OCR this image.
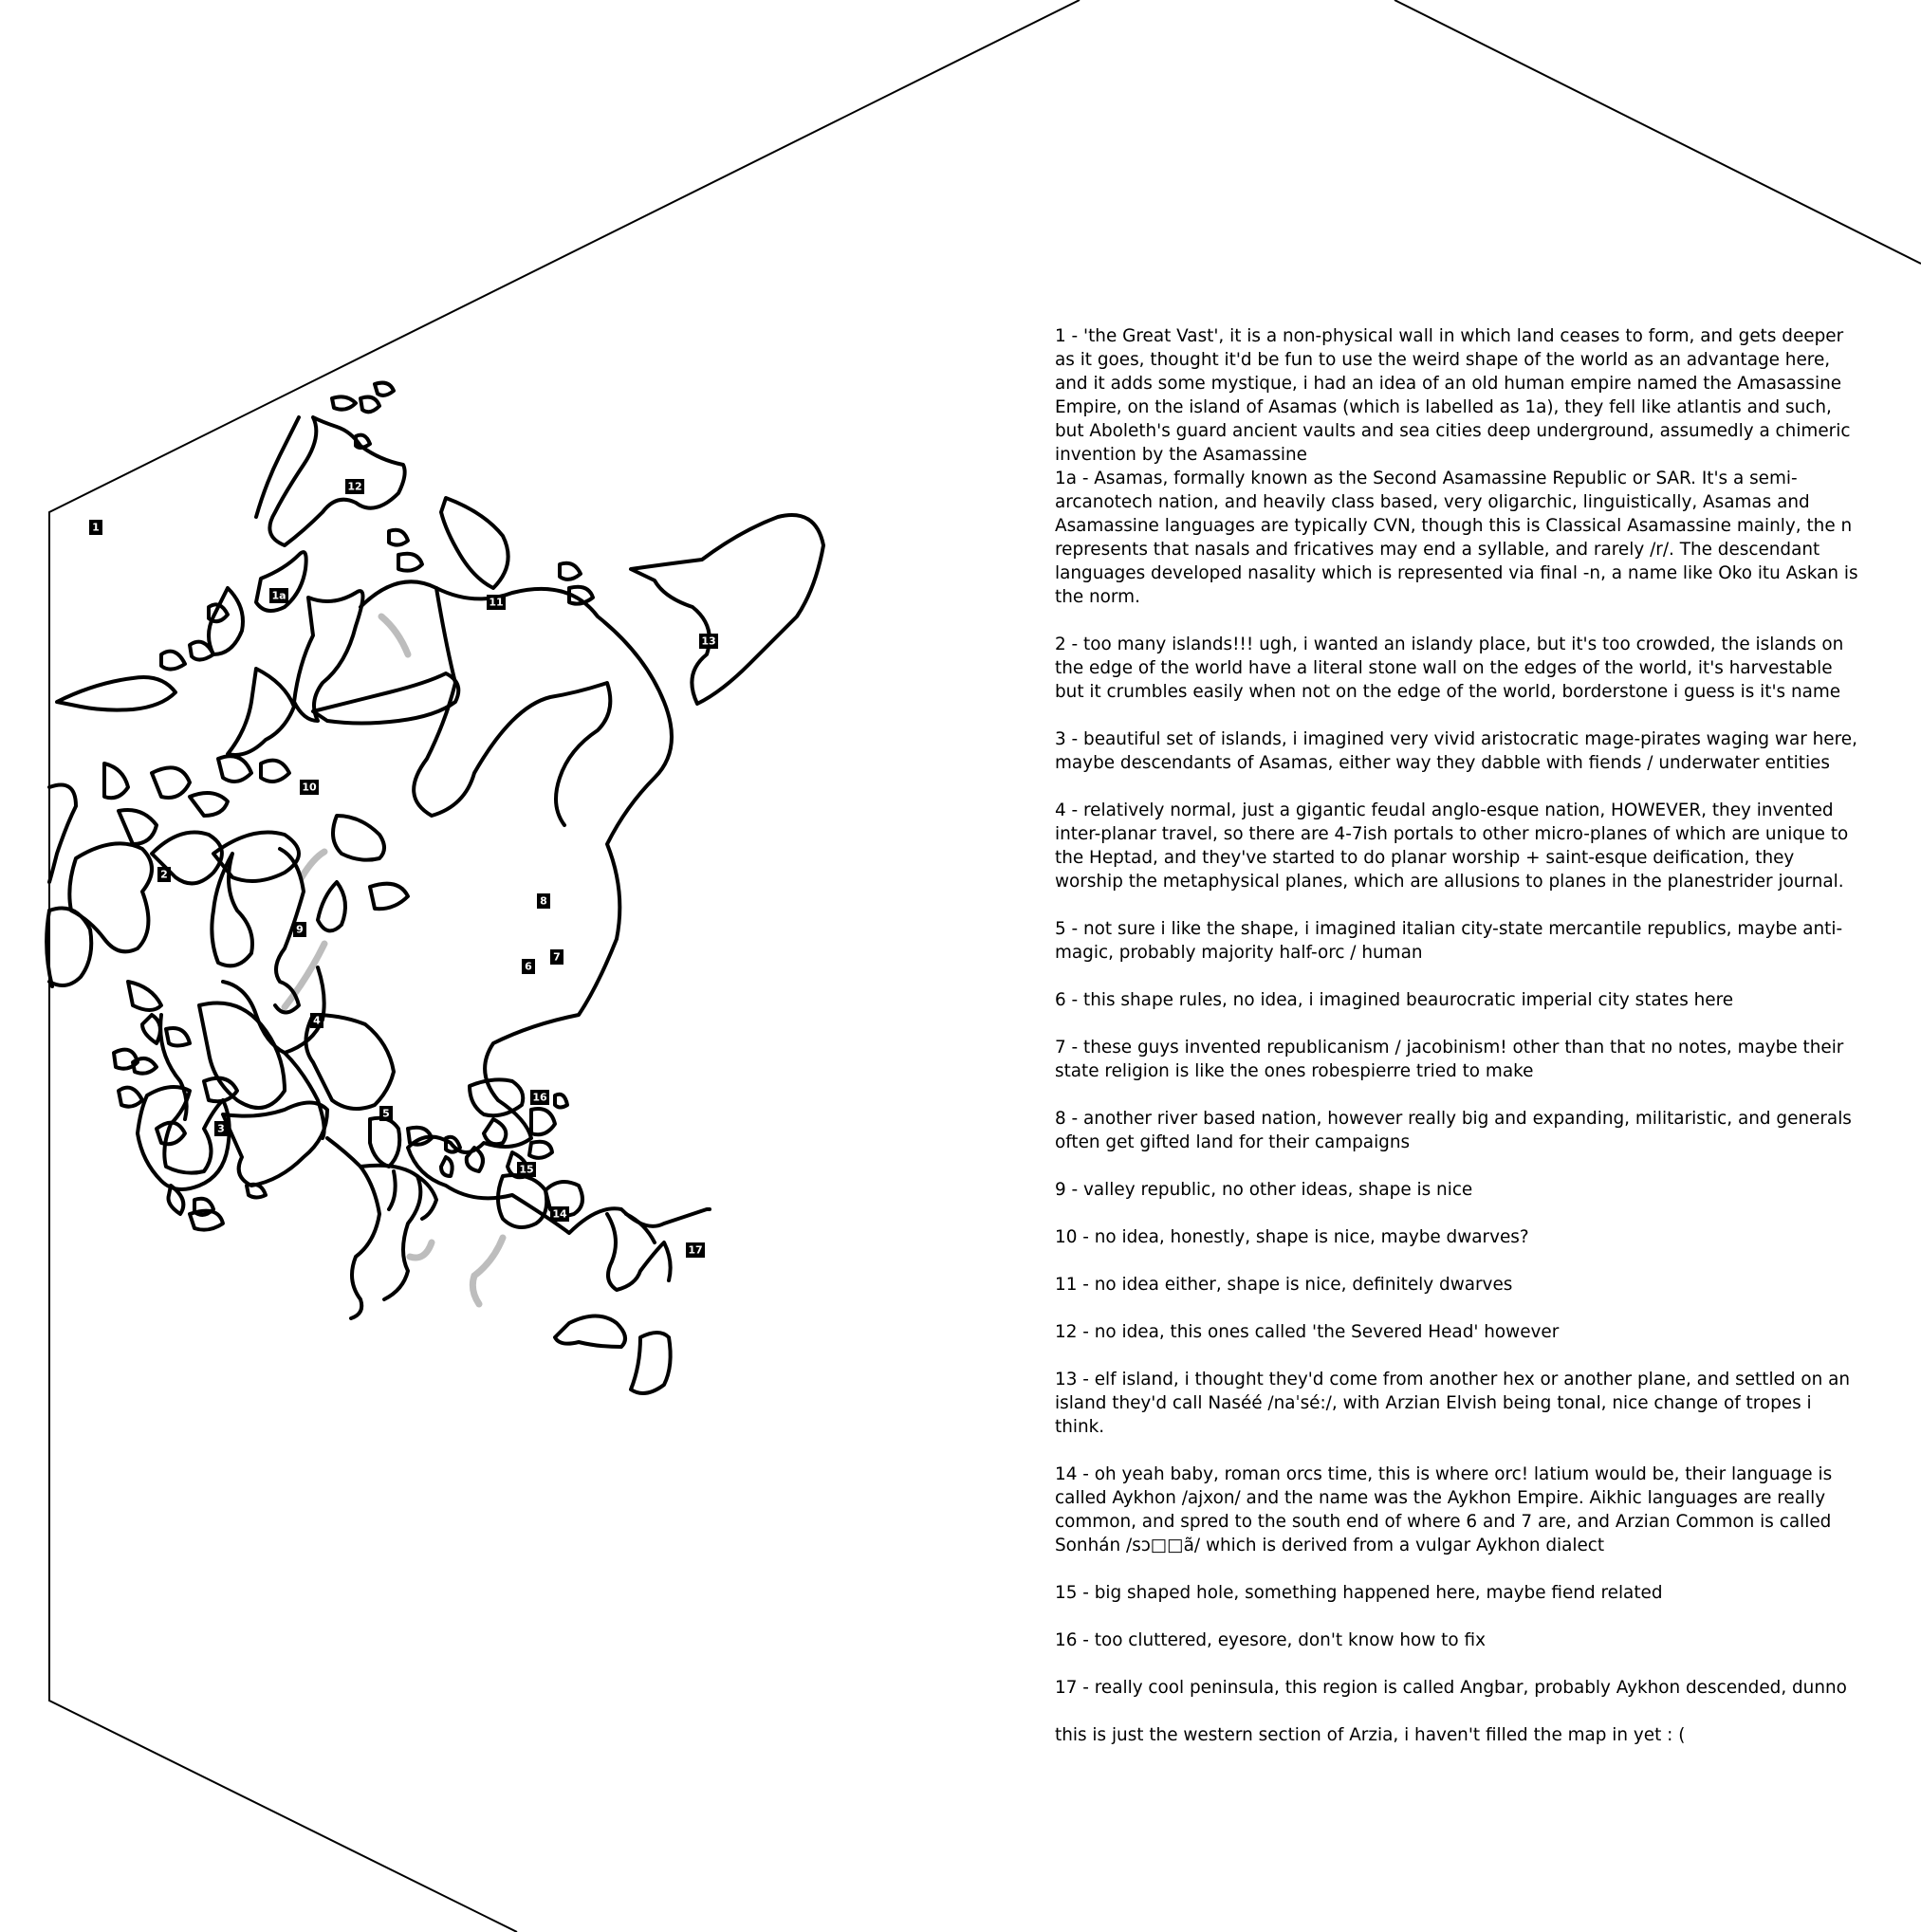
1
1a
2
3
4
5
6
7
8
9
10
11
12
13
14
15
16
17

1 - 'the Great Vast', it is a non-physical wall in which land ceases to form, and gets deeper as it goes, thought it'd be fun to use the weird shape of the world as an advantage here, and it adds some mystique, i had an idea of an old human empire named the Amasassine Empire, on the island of Asamas (which is labelled as 1a), they fell like atlantis and such, but Aboleth's guard ancient vaults and sea cities deep underground, assumedly a chimeric invention by the Asamassine

1a - Asamas, formally known as the Second Asamassine Republic or SAR. It's a semi-arcanotech nation, and heavily class based, very oligarchic, linguistically, Asamas and Asamassine languages are typically CVN, though this is Classical Asamassine mainly, the n represents that nasals and fricatives may end a syllable, and rarely /r/. The descendant languages developed nasality which is represented via final -n, a name like Oko itu Askan is the norm.

2 - too many islands!!! ugh, i wanted an islandy place, but it's too crowded, the islands on the edge of the world have a literal stone wall on the edges of the world, it's harvestable but it crumbles easily when not on the edge of the world, borderstone i guess is it's name

3 - beautiful set of islands, i imagined very vivid aristocratic mage-pirates waging war here, maybe descendants of Asamas, either way they dabble with fiends / underwater entities

4 - relatively normal, just a gigantic feudal anglo-esque nation, HOWEVER, they invented inter-planar travel, so there are 4-7ish portals to other micro-planes of which are unique to the Heptad, and they've started to do planar worship + saint-esque deification, they worship the metaphysical planes, which are allusions to planes in the planestrider journal.

5 - not sure i like the shape, i imagined italian city-state mercantile republics, maybe anti-magic, probably majority half-orc / human

6 - this shape rules, no idea, i imagined beaurocratic imperial city states here

7 - these guys invented republicanism / jacobinism! other than that no notes, maybe their state religion is like the ones robespierre tried to make

8 - another river based nation, however really big and expanding, militaristic, and generals often get gifted land for their campaigns

9 - valley republic, no other ideas, shape is nice

10 - no idea, honestly, shape is nice, maybe dwarves?

11 - no idea either, shape is nice, definitely dwarves

12 - no idea, this ones called 'the Severed Head' however

13 - elf island, i thought they'd come from another hex or another plane, and settled on an island they'd call Naséé /naˈsé:/, with Arzian Elvish being tonal, nice change of tropes i think.

14 - oh yeah baby, roman orcs time, this is where orc! latium would be, their language is called Aykhon /ajxon/ and the name was the Aykhon Empire. Aikhic languages are really common, and spred to the south end of where 6 and 7 are, and Arzian Common is called Sonhán /sɔ□□ã/ which is derived from a vulgar Aykhon dialect

15 - big shaped hole, something happened here, maybe fiend related

16 - too cluttered, eyesore, don't know how to fix

17 - really cool peninsula, this region is called Angbar, probably Aykhon descended, dunno

this is just the western section of Arzia, i haven't filled the map in yet : (
